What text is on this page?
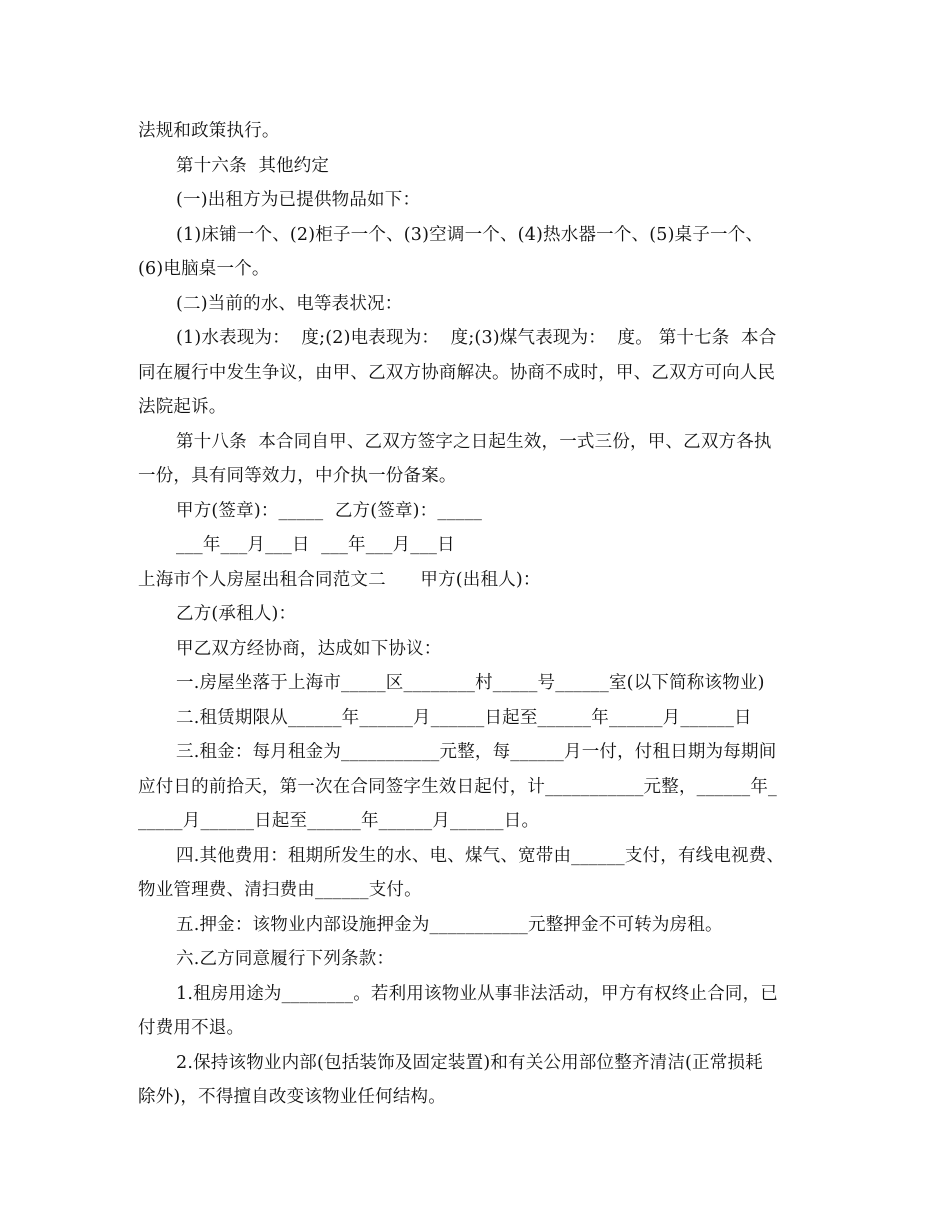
法规和政策执行。
第十六条  其他约定
(一)出租方为已提供物品如下：
(1)床铺一个、(2)柜子一个、(3)空调一个、(4)热水器一个、(5)桌子一个、
(6)电脑桌一个。
(二)当前的水、电等表状况：
(1)水表现为：  度;(2)电表现为：  度;(3)煤气表现为：  度。 第十七条  本合
同在履行中发生争议，由甲、乙双方协商解决。协商不成时，甲、乙双方可向人民
法院起诉。
第十八条  本合同自甲、乙双方签字之日起生效，一式三份，甲、乙双方各执
一份，具有同等效力，中介执一份备案。
甲方(签章)：_____  乙方(签章)：_____
___年___月___日  ___年___月___日
上海市个人房屋出租合同范文二      甲方(出租人)：
乙方(承租人)：
甲乙双方经协商，达成如下协议：
一.房屋坐落于上海市_____区________村_____号______室(以下简称该物业)
二.租赁期限从______年______月______日起至______年______月______日
三.租金：每月租金为___________元整，每______月一付，付租日期为每期间
应付日的前拾天，第一次在合同签字生效日起付，计___________元整，______年_
_____月______日起至______年______月______日。
四.其他费用：租期所发生的水、电、煤气、宽带由______支付，有线电视费、
物业管理费、清扫费由______支付。
五.押金：该物业内部设施押金为___________元整押金不可转为房租。
六.乙方同意履行下列条款：
1.租房用途为________。若利用该物业从事非法活动，甲方有权终止合同，已
付费用不退。
2.保持该物业内部(包括装饰及固定装置)和有关公用部位整齐清洁(正常损耗
除外)，不得擅自改变该物业任何结构。
